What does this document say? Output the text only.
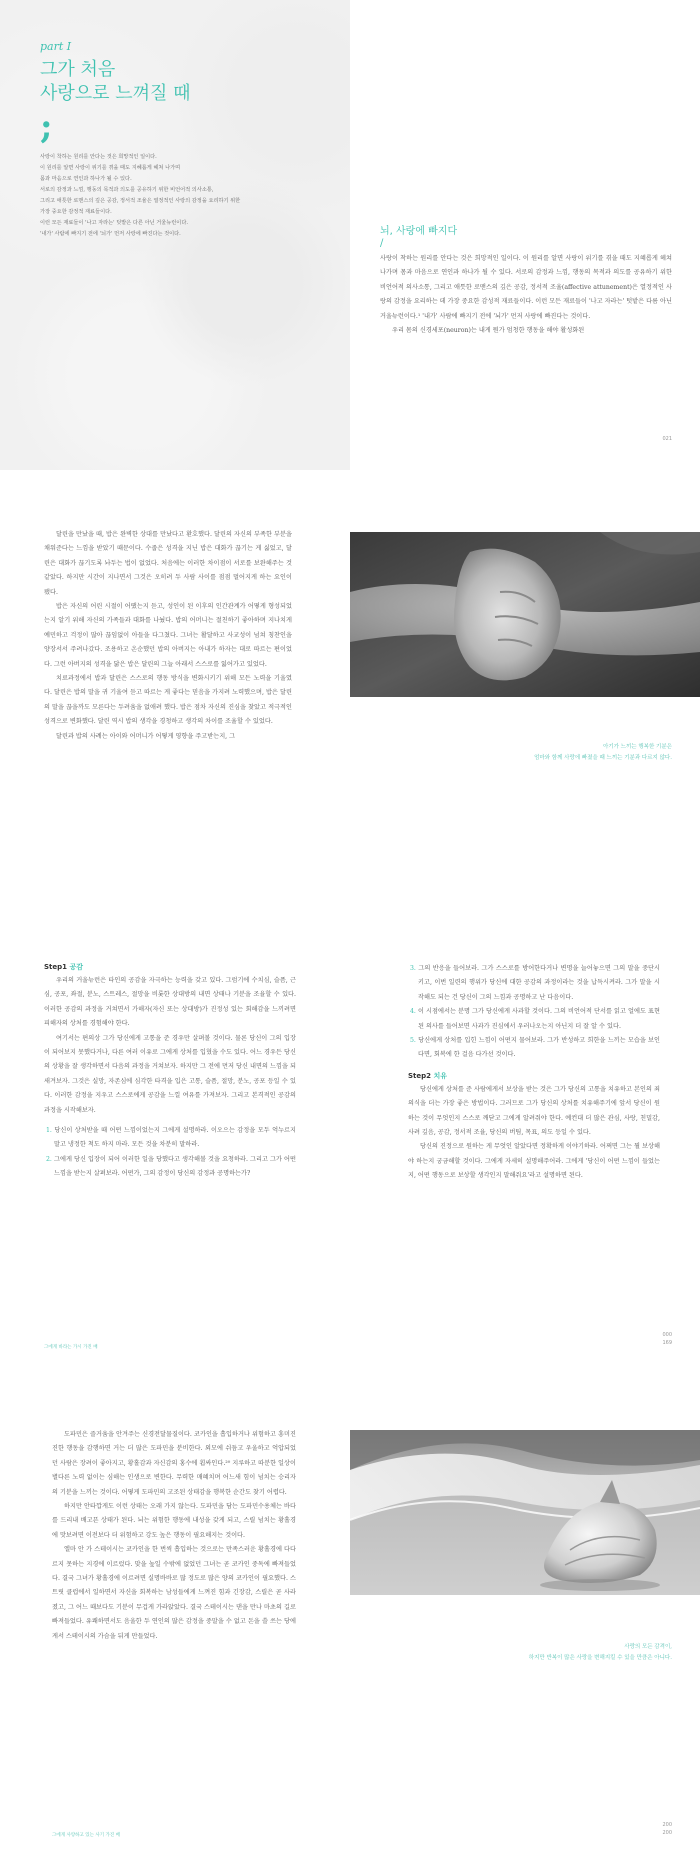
part I
그가 처음
사랑으로 느껴질 때
;
사랑이 착하는 원리를 안다는 것은 희망적인 일이다.
이 원리를 알면 사랑이 위기를 겪을 때도 지혜롭게 헤쳐 나가며
몸과 마음으로 연인과 하나가 될 수 있다.
서로의 감정과 느낌, 행동의 목적과 의도를 공유하기 위한 비언어적 의사소통,
그리고 애틋한 로맨스의 깊은 공감, 정서적 조율은 열정적인 사랑의 감정을 요리하기 위한
가장 중요한 감정적 재료들이다.
이런 모든 재료들이 '나고 자라는' 텃밭은 다른 아닌 거울뉴런이다.
'내가' 사람에 빠지기 전에 '뇌가' 먼저 사랑에 빠진다는 것이다.	뇌, 사랑에 빠지다
/

사랑이 착하는 원리를 안다는 것은 희망적인 일이다. 이 원리를 알면 사랑이 위기를 겪을 때도 지혜롭게 헤쳐 나가며 몸과 마음으로 연인과 하나가 될 수 있다. 서로의 감정과 느낌, 행동의 목적과 의도를 공유하기 위한 비언어적 의사소통, 그리고 애틋한 로맨스의 깊은 공감, 정서적 조율(affective attunement)은 열정적인 사랑의 감정을 요리하는 데 가장 중요한 감성적 재료들이다. 이런 모든 재료들이 '나고 자라는' 텃밭은 다름 아닌 거울뉴런이다.¹ '내가' 사람에 빠지기 전에 '뇌가' 먼저 사랑에 빠진다는 것이다.

우리 몸의 신경세포(neuron)는 내게 뭔가 엄청한 행동을 해야 활성화된

021

달린을 만났을 때, 밥은 완벽한 상대를 만났다고 환호했다. 달린의 자신의 부족한 부분을 채워준다는 느낌을 받았기 때문이다. 수줍은 성격을 지닌 밥은 대화가 끊기는 게 싫었고, 달린은 대화가 끊기도록 놔두는 법이 없었다. 처음에는 이러한 차이점이 서로를 보완해주는 것 같았다. 하지만 시간이 지나면서 그것은 오히려 두 사람 사이를 점점 멀어지게 하는 요인이 됐다.

밥은 자신의 어린 시절이 어땠는지 듣고, 성인이 된 이후의 인간관계가 어떻게 형성되었는지 알기 위해 자신의 가족들과 대화를 나눴다. 밥의 어머니는 절친하기 좋아하며 지나치게 예민하고 걱정이 많아 끊임없이 아들을 다그쳤다. 그녀는 활달하고 사교성이 넘쳐 칭찬인을 양장서서 주려나갔다. 조용하고 온순했던 밥의 아버지는 아내가 하자는 대로 따르는 편이었다. 그런 아버지의 성격을 닮은 밥은 달린의 그늘 아래서 스스로를 잃어가고 있었다.

치료과정에서 밥과 달린은 스스로의 행동 방식을 변화시키기 위해 모든 노력을 기울였다. 달린은 밥의 말을 귀 기울여 듣고 따르는 게 좋다는 믿음을 가지려 노력했으며, 밥은 달린의 말을 끊을까도 모른다는 두려움을 없애려 했다. 밥은 점차 자신의 진심을 찾았고 적극적인 성격으로 변화했다. 달린 역시 밥의 생각을 경청하고 생각의 차이를 조율할 수 있었다.

달린과 밥의 사례는 아이와 어머니가 어떻게 영향을 주고받는지, 그

아기가 느끼는 행복한 기분은
엄마와 함께 사랑에 빠졌을 때 느끼는 기분과 다르지 않다.
Step1 공감

우리의 거울뉴런은 타인의 공감을 자극하는 능력을 갖고 있다. 그럼기에 수치심, 슬픔, 근심, 공포, 좌절, 분노, 스트레스, 절망을 비롯한 상대방의 내면 상태나 기분을 조율할 수 있다. 이러한 공감의 과정을 거쳐면서 가해자(자신 또는 상대방)가 진정성 있는 회해감을 느끼려면 피해자의 상처를 경험해야 한다.

여기서는 편의상 그가 당신에게 고통을 준 경우만 살펴볼 것이다. 물론 당신이 그의 입장이 되어보지 못했다거나, 다른 여러 이유로 그에게 상처를 입혔을 수도 있다. 어느 경우든 당신의 상황을 잘 생각하면서 다음의 과정을 거쳐보자. 하지만 그 전에 먼저 당신 내면의 느낌을 되새겨보자. 그것은 실망, 자존심에 심각한 타격을 입은 고통, 슬픔, 절망, 분노, 공포 등일 수 있다. 이러한 감정을 지우고 스스로에게 공감을 느낄 여유를 가져보자. 그리고 본격적인 공감의 과정을 시작해보자.

1. 당신이 상처받을 때 어떤 느낌이었는지 그에게 설명하라. 이오으는 감정을 모두 억누르지 말고 냉정한 척도 하지 마라. 모든 것을 차분히 말하라.

2. 그에게 당신 입장이 되어 이러한 일을 당했다고 생각해볼 것을 요청하라. 그리고 그가 어떤 느낌을 받는지 살펴보라. 어떤가, 그의 감정이 당신의 감정과 공명하는가?

그에게 바라는 가시 가진 배

3. 그의 반응을 들어보라. 그가 스스로를 방어한다거나 변명을 늘어놓으면 그의 말을 중단시키고, 이번 일련의 행위가 당신에 대한 공감의 과정이라는 것을 납득시켜라. 그가 말을 시작해도 되는 건 당신이 그의 느낌과 공명하고 난 다음이다.

4. 이 시점에서는 분명 그가 당신에게 사과할 것이다. 그의 비언어적 단서를 읽고 얼에도 표현된 의사를 들어보면 사과가 진심에서 우러나오는지 아닌지 더 잘 알 수 있다.

5. 당신에게 상처를 입힌 느낌이 어떤지 물어보라. 그가 반성하고 희한을 느끼는 모습을 보인다면, 회복에 한 걸음 다가선 것이다.

Step2 치유

당신에게 상처를 준 사람에게서 보상을 받는 것은 그가 당신의 고통을 치유하고 본인의 죄의식을 더는 가장 좋은 방법이다. 그러므로 그가 당신의 상처를 치유해주기에 앞서 당신이 원하는 것이 무엇인지 스스로 깨닫고 그에게 알려줘야 한다. 예컨대 더 많은 관심, 사랑, 친밀감, 사려 깊음, 공감, 정서적 조율, 당신의 버팀, 목표, 의도 등일 수 있다.

당신의 진정으로 원하는 게 무엇인 알았다면 정확하게 이야기하라. 어쩌면 그는 뭘 보상해야 하는지 궁금해할 것이다. 그에게 자세히 설명해주어라. 그에게 '당신이 어떤 느낌이 들었는지, 어떤 행동으로 보상할 생각인지 말해줘요'라고 설명하면 된다.

000
169

도파민은 즐거움을 안겨주는 신경전달물질이다. 코카인을 흡입하거나 위험하고 흥미진진한 행동을 감행하면 거는 더 많은 도파민을 분비한다. 외모에 쉬듬고 우울하고 억압되었던 사람은 장려이 좋아지고, 황홀감과 자신감의 홍수에 휩싸인다.²⁰ 지루하고 따분한 일상이 별다른 노력 없이는 심해는 인생으로 변한다. 무력한 매혜치며 어느새 힘이 넘치는 승리자의 기분을 느끼는 것이다. 어떻게 도파민의 고조된 상태감을 행복한 순간도 찾기 어렵다.

하지만 안타깝게도 이런 상태는 오래 가지 않는다. 도파민을 담는 도파민수용체는 바다를 드리내 배고픈 상태가 된다. 뇌는 위험한 행동에 내성을 갖게 되고, 스릴 넘치는 황홀경에 맛보려면 이전보다 더 위험하고 강도 높은 행동이 필요해지는 것이다.

엘마 안 가 스테이시는 코카인을 한 번씩 흡입하는 것으로는 만족스러운 황홀경에 다다르지 못하는 지경에 이르렀다. 맞을 높일 수밖에 없었던 그녀는 곧 코카인 중독에 빠져들었다. 결국 그녀가 황홀경에 이르려면 실명바바로 많 정도로 많은 양의 코카인이 필요했다. 스트릿 클럽에서 일하면서 자신을 회복하는 남성들에게 느껴진 힘과 긴장감, 스릴은 곧 사라졌고, 그 어느 때보다도 기분이 무겁게 가라앉았다. 결국 스테이시는 댄을 만나 마초의 길로 빠져들었다. 유쾌하면서도 음울한 두 연인의 많은 감정을 중말을 수 없고 돈을 쓸 쓰는 당에게서 스테이시의 가슴을 뒤게 만들었다.

그에게 사랑하고 있는 사기 가진 배
사랑의 모든 감격이,
하지만 반복이 많은 사랑을 변해지킬 수 있을 만큼은 아니다.
200
200
